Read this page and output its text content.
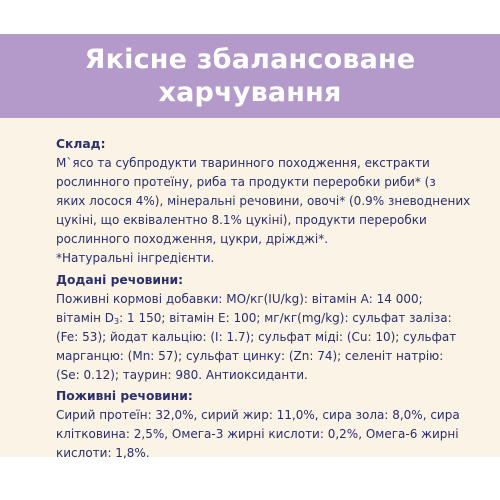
Якісне збалансоване
харчування
Склад:
М`ясо та субпродукти тваринного походження, екстракти
рослинного протеїну, риба та продукти переробки риби* (з
яких лосося 4%), мінеральні речовини, овочі* (0.9% зневоднених
цукіні, що еквівалентно 8.1% цукіні), продукти переробки
рослинного походження, цукри, дріжджі*.
*Натуральні інгредієнти.
Додані речовини:
Поживні кормові добавки: МО/кг(IU/kg): вітамін А: 14 000;
вітамін $D_3$: 1 150; вітамін Е: 100; мг/кг(mg/kg): сульфат заліза:
(Fe: 53); йодат кальцію: (I: 1.7); сульфат міді: (Cu: 10); сульфат
марганцю: (Mn: 57); сульфат цинку: (Zn: 74); селеніт натрію:
(Se: 0.12); таурин: 980. Антиоксиданти.
Поживні речовини:
Сирий протеїн: 32,0%, сирий жир: 11,0%, сира зола: 8,0%, сира
клітковина: 2,5%, Омега-3 жирні кислоти: 0,2%, Омега-6 жирні
кислоти: 1,8%.
